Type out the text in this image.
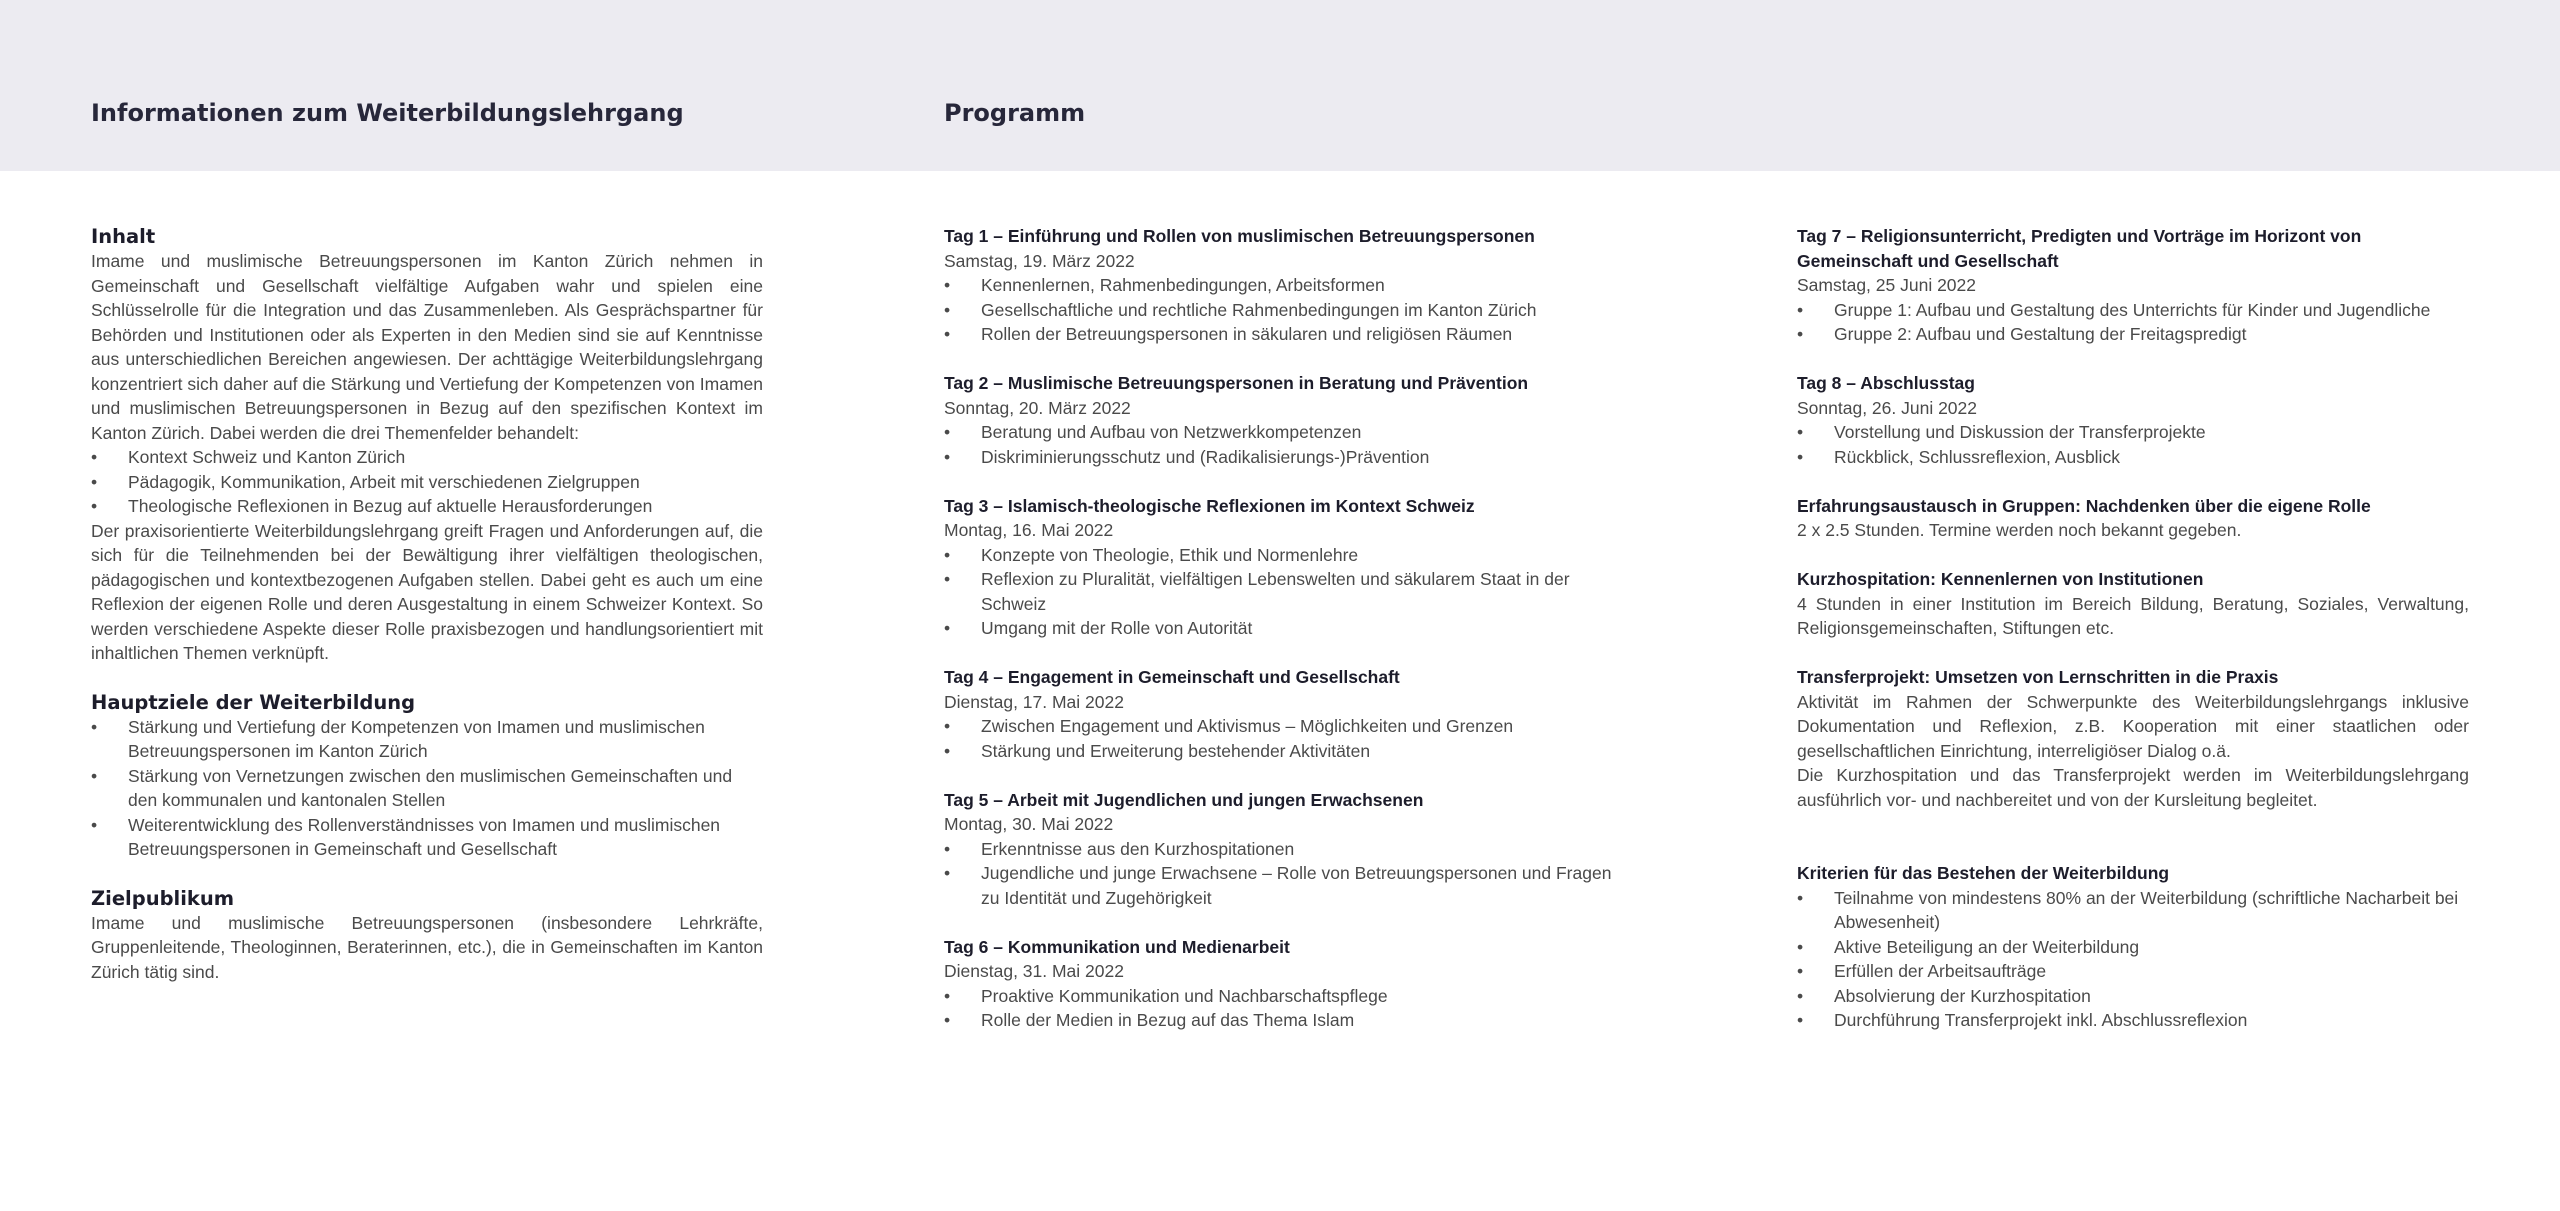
Informationen zum Weiterbildungslehrgang	Programm
Inhalt

Imame und muslimische Betreuungspersonen im Kanton Zürich nehmen in Gemeinschaft und Gesellschaft vielfältige Aufgaben wahr und spielen eine Schlüsselrolle für die Integration und das Zusammenleben. Als Gesprächspartner für Behörden und Institutionen oder als Experten in den Medien sind sie auf Kenntnisse aus unterschiedlichen Bereichen angewiesen. Der achttägige Weiterbildungslehrgang konzentriert sich daher auf die Stärkung und Vertiefung der Kompetenzen von Imamen und muslimischen Betreuungspersonen in Bezug auf den spezifischen Kontext im Kanton Zürich. Dabei werden die drei Themenfelder behandelt:

• Kontext Schweiz und Kanton Zürich
• Pädagogik, Kommunikation, Arbeit mit verschiedenen Zielgruppen
• Theologische Reflexionen in Bezug auf aktuelle Herausforderungen

Der praxisorientierte Weiterbildungslehrgang greift Fragen und Anforderungen auf, die sich für die Teilnehmenden bei der Bewältigung ihrer vielfältigen theologischen, pädagogischen und kontextbezogenen Aufgaben stellen. Dabei geht es auch um eine Reflexion der eigenen Rolle und deren Ausgestaltung in einem Schweizer Kontext. So werden verschiedene Aspekte dieser Rolle praxisbezogen und handlungsorientiert mit inhaltlichen Themen verknüpft.

Hauptziele der Weiterbildung
• Stärkung und Vertiefung der Kompetenzen von Imamen und muslimischen Betreuungspersonen im Kanton Zürich
• Stärkung von Vernetzungen zwischen den muslimischen Gemeinschaften und den kommunalen und kantonalen Stellen
• Weiterentwicklung des Rollenverständnisses von Imamen und muslimischen Betreuungspersonen in Gemeinschaft und Gesellschaft
Zielpublikum

Imame und muslimische Betreuungspersonen (insbesondere Lehrkräfte, Gruppenleitende, Theologinnen, Beraterinnen, etc.), die in Gemeinschaften im Kanton Zürich tätig sind.

Tag 1 – Einführung und Rollen von muslimischen Betreuungspersonen

Samstag, 19. März 2022

• Kennenlernen, Rahmenbedingungen, Arbeitsformen
• Gesellschaftliche und rechtliche Rahmenbedingungen im Kanton Zürich
• Rollen der Betreuungspersonen in säkularen und religiösen Räumen

Tag 2 – Muslimische Betreuungspersonen in Beratung und Prävention

Sonntag, 20. März 2022

• Beratung und Aufbau von Netzwerkkompetenzen
• Diskriminierungsschutz und (Radikalisierungs-)Prävention

Tag 3 – Islamisch-theologische Reflexionen im Kontext Schweiz

Montag, 16. Mai 2022

• Konzepte von Theologie, Ethik und Normenlehre
• Reflexion zu Pluralität, vielfältigen Lebenswelten und säkularem Staat in der Schweiz
• Umgang mit der Rolle von Autorität

Tag 4 – Engagement in Gemeinschaft und Gesellschaft

Dienstag, 17. Mai 2022

• Zwischen Engagement und Aktivismus – Möglichkeiten und Grenzen
• Stärkung und Erweiterung bestehender Aktivitäten

Tag 5 – Arbeit mit Jugendlichen und jungen Erwachsenen

Montag, 30. Mai 2022

• Erkenntnisse aus den Kurzhospitationen
• Jugendliche und junge Erwachsene – Rolle von Betreuungspersonen und Fragen zu Identität und Zugehörigkeit

Tag 6 – Kommunikation und Medienarbeit

Dienstag, 31. Mai 2022

• Proaktive Kommunikation und Nachbarschaftspflege
• Rolle der Medien in Bezug auf das Thema Islam

Tag 7 – Religionsunterricht, Predigten und Vorträge im Horizont von Gemeinschaft und Gesellschaft

Samstag, 25 Juni 2022

• Gruppe 1: Aufbau und Gestaltung des Unterrichts für Kinder und Jugendliche
• Gruppe 2: Aufbau und Gestaltung der Freitagspredigt

Tag 8 – Abschlusstag

Sonntag, 26. Juni 2022

• Vorstellung und Diskussion der Transferprojekte
• Rückblick, Schlussreflexion, Ausblick

Erfahrungsaustausch in Gruppen: Nachdenken über die eigene Rolle

2 x 2.5 Stunden. Termine werden noch bekannt gegeben.

Kurzhospitation: Kennenlernen von Institutionen

4 Stunden in einer Institution im Bereich Bildung, Beratung, Soziales, Verwaltung, Religionsgemeinschaften, Stiftungen etc.

Transferprojekt: Umsetzen von Lernschritten in die Praxis

Aktivität im Rahmen der Schwerpunkte des Weiterbildungslehrgangs inklusive Dokumentation und Reflexion, z.B. Kooperation mit einer staatlichen oder gesellschaftlichen Einrichtung, interreligiöser Dialog o.ä.

Die Kurzhospitation und das Transferprojekt werden im Weiterbildungslehrgang ausführlich vor- und nachbereitet und von der Kursleitung begleitet.

Kriterien für das Bestehen der Weiterbildung

• Teilnahme von mindestens 80% an der Weiterbildung (schriftliche Nacharbeit bei Abwesenheit)
• Aktive Beteiligung an der Weiterbildung
• Erfüllen der Arbeitsaufträge
• Absolvierung der Kurzhospitation
• Durchführung Transferprojekt inkl. Abschlussreflexion
